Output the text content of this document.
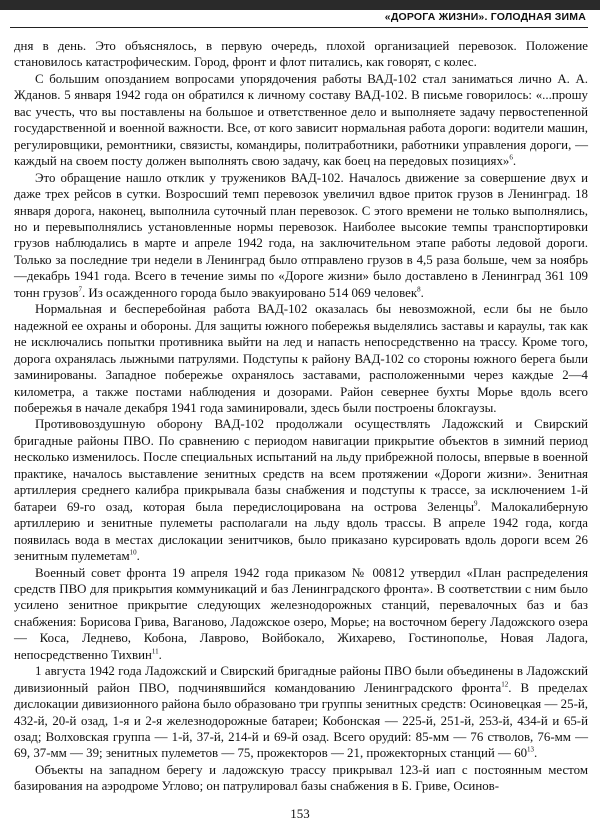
«ДОРОГА ЖИЗНИ». ГОЛОДНАЯ ЗИМА

дня в день. Это объяснялось, в первую очередь, плохой организацией перевозок. Положение становилось катастрофическим. Город, фронт и флот питались, как говорят, с колес.

С большим опозданием вопросами упорядочения работы ВАД-102 стал заниматься лично А. А. Жданов. 5 января 1942 года он обратился к личному составу ВАД-102. В письме говорилось: «...прошу вас учесть, что вы поставлены на большое и ответственное дело и выполняете задачу первостепенной государственной и военной важности. Все, от кого зависит нормальная работа дороги: водители машин, регулировщики, ремонтники, связисты, командиры, политработники, работники управления дороги, — каждый на своем посту должен выполнять свою задачу, как боец на передовых позициях»$^6$.

Это обращение нашло отклик у тружеников ВАД-102. Началось движение за совершение двух и даже трех рейсов в сутки. Возросший темп перевозок увеличил вдвое приток грузов в Ленинград. 18 января дорога, наконец, выполнила суточный план перевозок. С этого времени не только выполнялись, но и перевыполнялись установленные нормы перевозок. Наиболее высокие темпы транспортировки грузов наблюдались в марте и апреле 1942 года, на заключительном этапе работы ледовой дороги. Только за последние три недели в Ленинград было отправлено грузов в 4,5 раза больше, чем за ноябрь—декабрь 1941 года. Всего в течение зимы по «Дороге жизни» было доставлено в Ленинград 361 109 тонн грузов$^7$. Из осажденного города было эвакуировано 514 069 человек$^8$.

Нормальная и бесперебойная работа ВАД-102 оказалась бы невозможной, если бы не было надежной ее охраны и обороны. Для защиты южного побережья выделялись заставы и караулы, так как не исключались попытки противника выйти на лед и напасть непосредственно на трассу. Кроме того, дорога охранялась лыжными патрулями. Подступы к району ВАД-102 со стороны южного берега были заминированы. Западное побережье охранялось заставами, расположенными через каждые 2—4 километра, а также постами наблюдения и дозорами. Район севернее бухты Морье вдоль всего побережья в начале декабря 1941 года заминировали, здесь были построены блокгаузы.

Противовоздушную оборону ВАД-102 продолжали осуществлять Ладожский и Свирский бригадные районы ПВО. По сравнению с периодом навигации прикрытие объектов в зимний период несколько изменилось. После специальных испытаний на льду прибрежной полосы, впервые в военной практике, началось выставление зенитных средств на всем протяжении «Дороги жизни». Зенитная артиллерия среднего калибра прикрывала базы снабжения и подступы к трассе, за исключением 1-й батареи 69-го озад, которая была передислоцирована на острова Зеленцы$^9$. Малокалиберную артиллерию и зенитные пулеметы располагали на льду вдоль трассы. В апреле 1942 года, когда появилась вода в местах дислокации зенитчиков, было приказано курсировать вдоль дороги всем 26 зенитным пулеметам$^{10}$.

Военный совет фронта 19 апреля 1942 года приказом № 00812 утвердил «План распределения средств ПВО для прикрытия коммуникаций и баз Ленинградского фронта». В соответствии с ним было усилено зенитное прикрытие следующих железнодорожных станций, перевалочных баз и баз снабжения: Борисова Грива, Ваганово, Ладожское озеро, Морье; на восточном берегу Ладожского озера — Коса, Леднево, Кобона, Лаврово, Войбокало, Жихарево, Гостинополье, Новая Ладога, непосредственно Тихвин$^{11}$.

1 августа 1942 года Ладожский и Свирский бригадные районы ПВО были объединены в Ладожский дивизионный район ПВО, подчинявшийся командованию Ленинградского фронта$^{12}$. В пределах дислокации дивизионного района было образовано три группы зенитных средств: Осиновецкая — 25-й, 432-й, 20-й озад, 1-я и 2-я железнодорожные батареи; Кобонская — 225-й, 251-й, 253-й, 434-й и 65-й озад; Волховская группа — 1-й, 37-й, 214-й и 69-й озад. Всего орудий: 85-мм — 76 стволов, 76-мм — 69, 37-мм — 39; зенитных пулеметов — 75, прожекторов — 21, прожекторных станций — $60^{13}$.

Объекты на западном берегу и ладожскую трассу прикрывал 123-й иап с постоянным местом базирования на аэродроме Углово; он патрулировал базы снабжения в Б. Гриве, Осинов-

153
